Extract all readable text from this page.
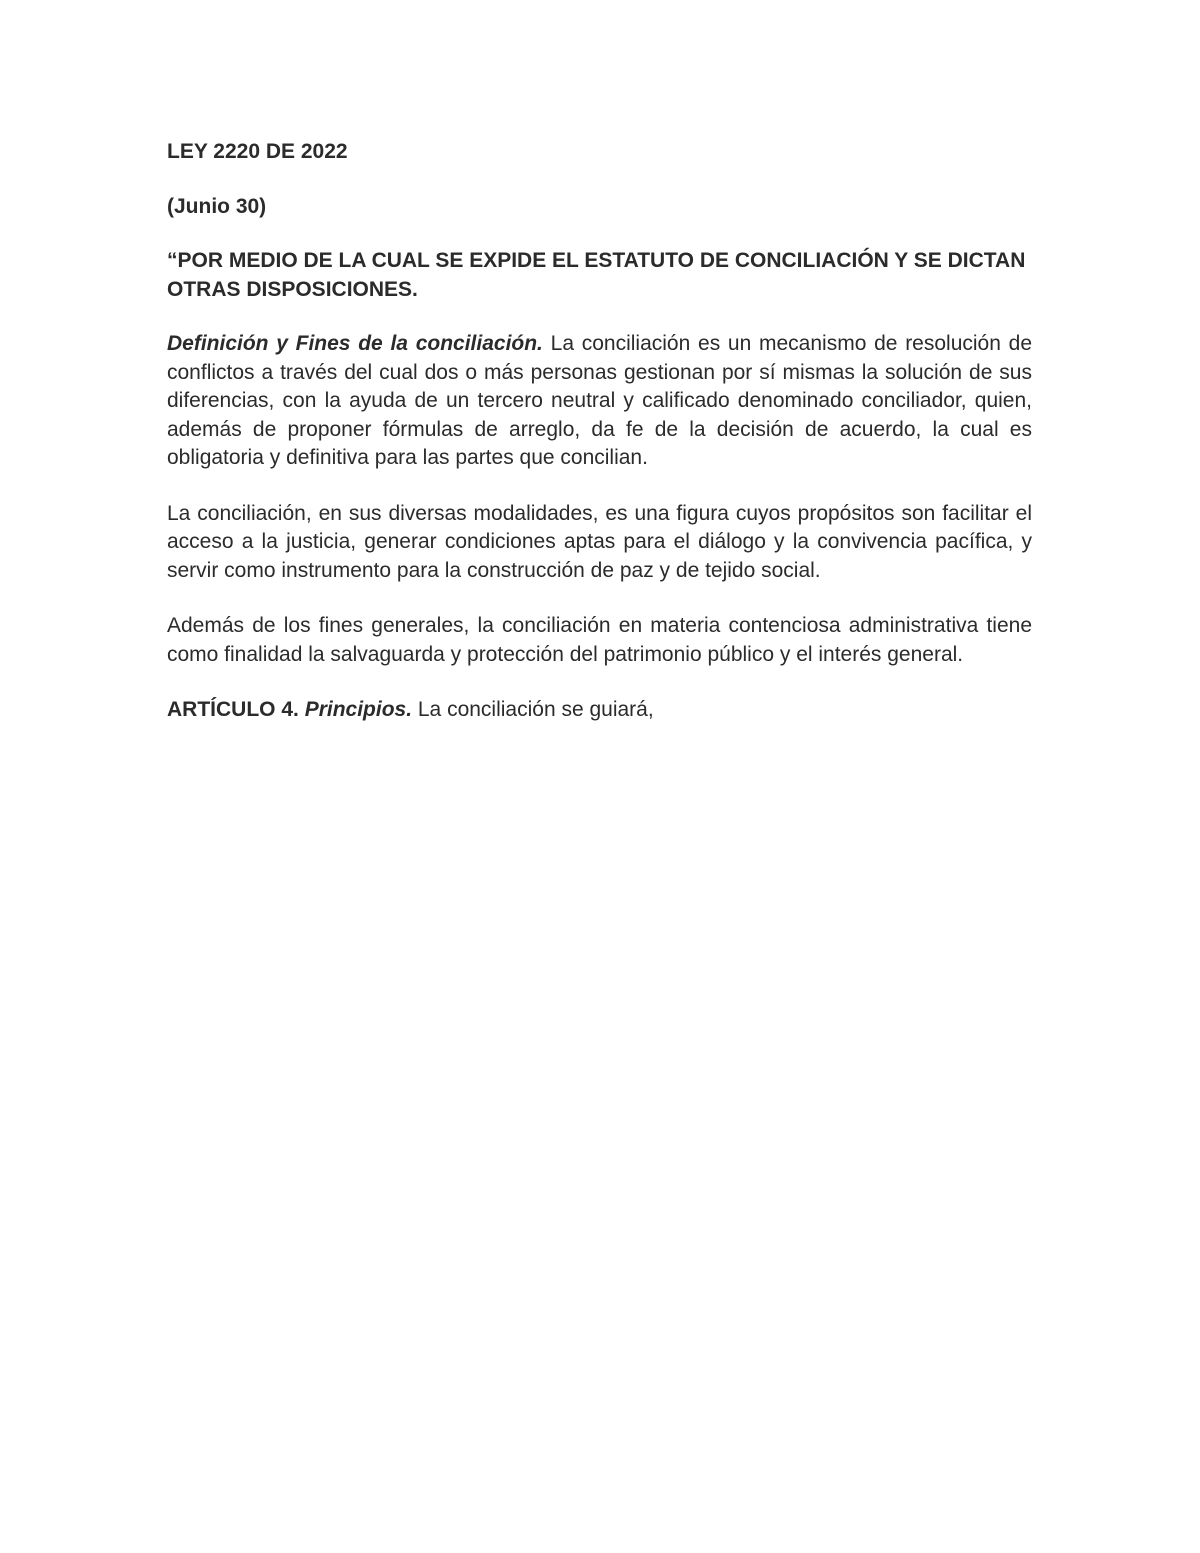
LEY 2220 DE 2022

(Junio 30)

“POR MEDIO DE LA CUAL SE EXPIDE EL ESTATUTO DE CONCILIACIÓN Y SE DICTAN OTRAS DISPOSICIONES.

Definición y Fines de la conciliación. La conciliación es un mecanismo de resolución de conflictos a través del cual dos o más personas gestionan por sí mismas la solución de sus diferencias, con la ayuda de un tercero neutral y calificado denominado conciliador, quien, además de proponer fórmulas de arreglo, da fe de la decisión de acuerdo, la cual es obligatoria y definitiva para las partes que concilian.

La conciliación, en sus diversas modalidades, es una figura cuyos propósitos son facilitar el acceso a la justicia, generar condiciones aptas para el diálogo y la convivencia pacífica, y servir como instrumento para la construcción de paz y de tejido social.

Además de los fines generales, la conciliación en materia contenciosa administrativa tiene como finalidad la salvaguarda y protección del patrimonio público y el interés general.

ARTÍCULO 4. Principios. La conciliación se guiará,
